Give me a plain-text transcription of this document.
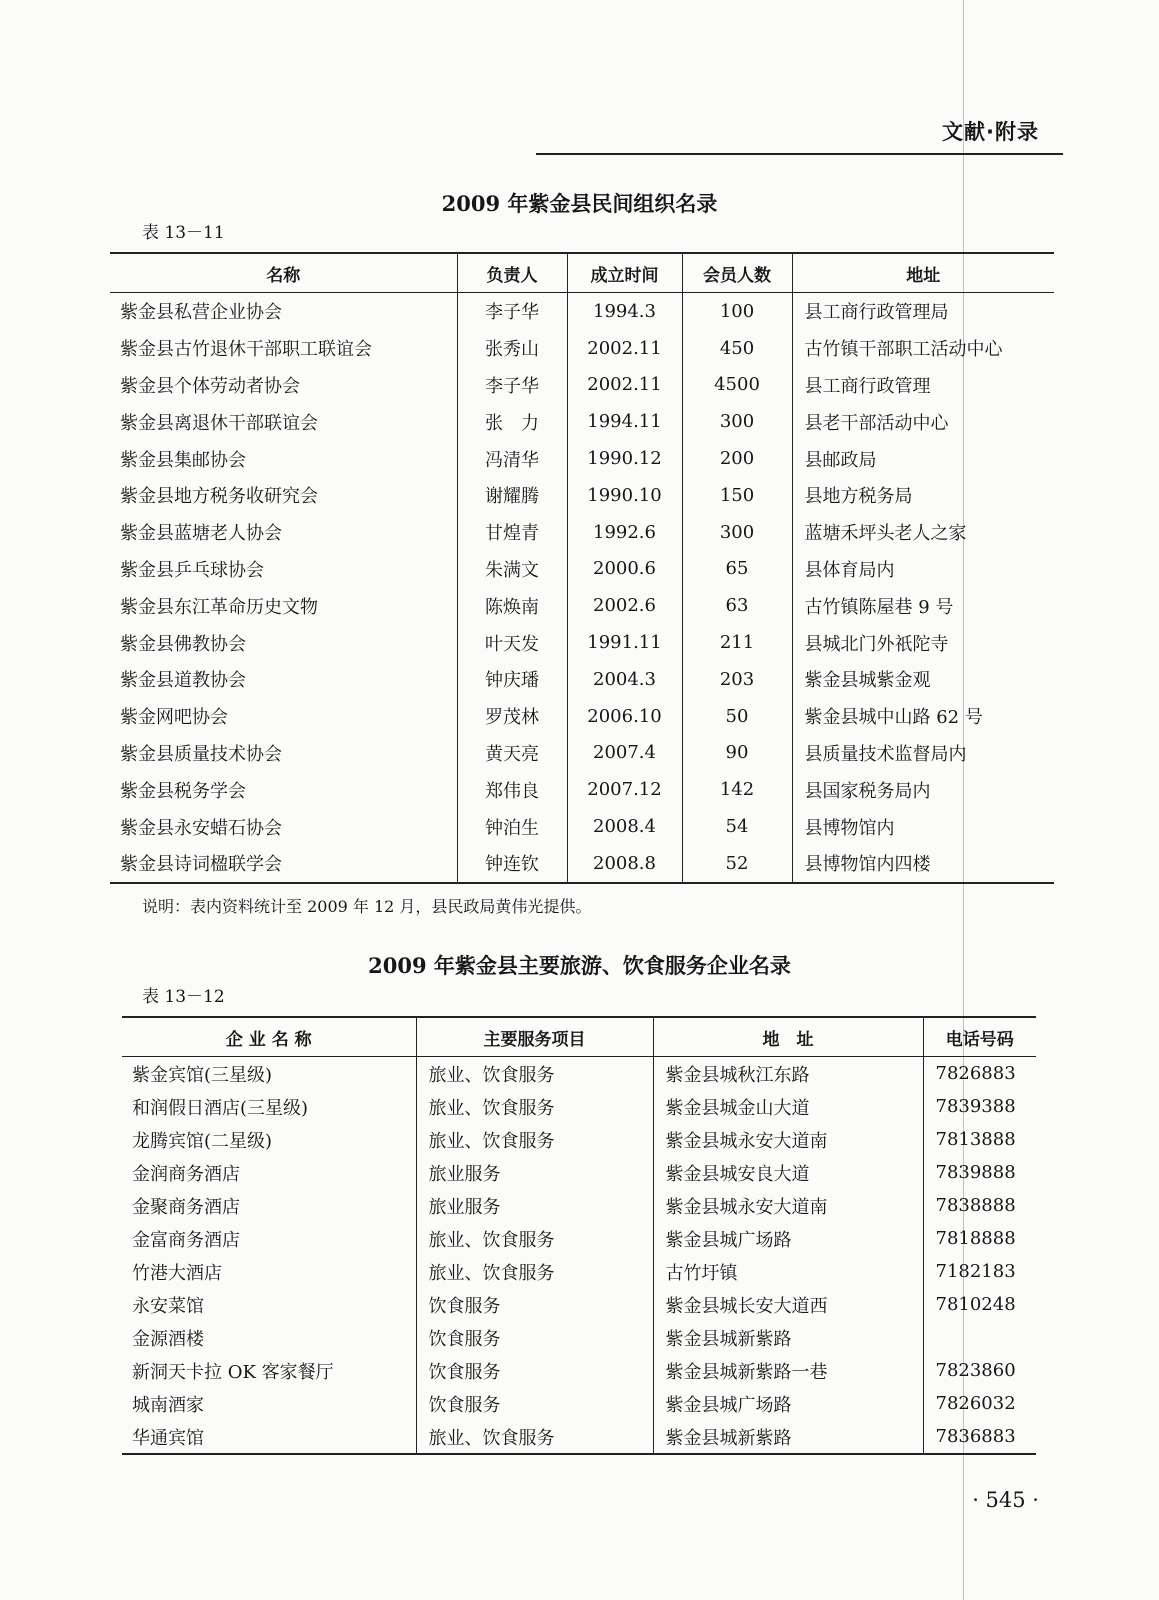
文献·附录
2009 年紫金县民间组织名录
表 13－11
名称	负责人	成立时间	会员人数	地址
紫金县私营企业协会	李子华	1994.3	100	县工商行政管理局
紫金县古竹退休干部职工联谊会	张秀山	2002.11	450	古竹镇干部职工活动中心
紫金县个体劳动者协会	李子华	2002.11	4500	县工商行政管理
紫金县离退休干部联谊会	张　力	1994.11	300	县老干部活动中心
紫金县集邮协会	冯清华	1990.12	200	县邮政局
紫金县地方税务收研究会	谢耀腾	1990.10	150	县地方税务局
紫金县蓝塘老人协会	甘煌青	1992.6	300	蓝塘禾坪头老人之家
紫金县乒乓球协会	朱满文	2000.6	65	县体育局内
紫金县东江革命历史文物	陈焕南	2002.6	63	古竹镇陈屋巷 9 号
紫金县佛教协会	叶天发	1991.11	211	县城北门外祇陀寺
紫金县道教协会	钟庆璠	2004.3	203	紫金县城紫金观
紫金网吧协会	罗茂林	2006.10	50	紫金县城中山路 62 号
紫金县质量技术协会	黄天亮	2007.4	90	县质量技术监督局内
紫金县税务学会	郑伟良	2007.12	142	县国家税务局内
紫金县永安蜡石协会	钟泊生	2008.4	54	县博物馆内
紫金县诗词楹联学会	钟连钦	2008.8	52	县博物馆内四楼
说明：表内资料统计至 2009 年 12 月，县民政局黄伟光提供。
2009 年紫金县主要旅游、饮食服务企业名录
表 13－12
企 业 名 称	主要服务项目	地　址	电话号码
紫金宾馆(三星级)	旅业、饮食服务	紫金县城秋江东路	7826883
和润假日酒店(三星级)	旅业、饮食服务	紫金县城金山大道	7839388
龙腾宾馆(二星级)	旅业、饮食服务	紫金县城永安大道南	7813888
金润商务酒店	旅业服务	紫金县城安良大道	7839888
金聚商务酒店	旅业服务	紫金县城永安大道南	7838888
金富商务酒店	旅业、饮食服务	紫金县城广场路	7818888
竹港大酒店	旅业、饮食服务	古竹圩镇	7182183
永安菜馆	饮食服务	紫金县城长安大道西	7810248
金源酒楼	饮食服务	紫金县城新紫路	
新洞天卡拉 OK 客家餐厅	饮食服务	紫金县城新紫路一巷	7823860
城南酒家	饮食服务	紫金县城广场路	7826032
华通宾馆	旅业、饮食服务	紫金县城新紫路	7836883
· 545 ·
